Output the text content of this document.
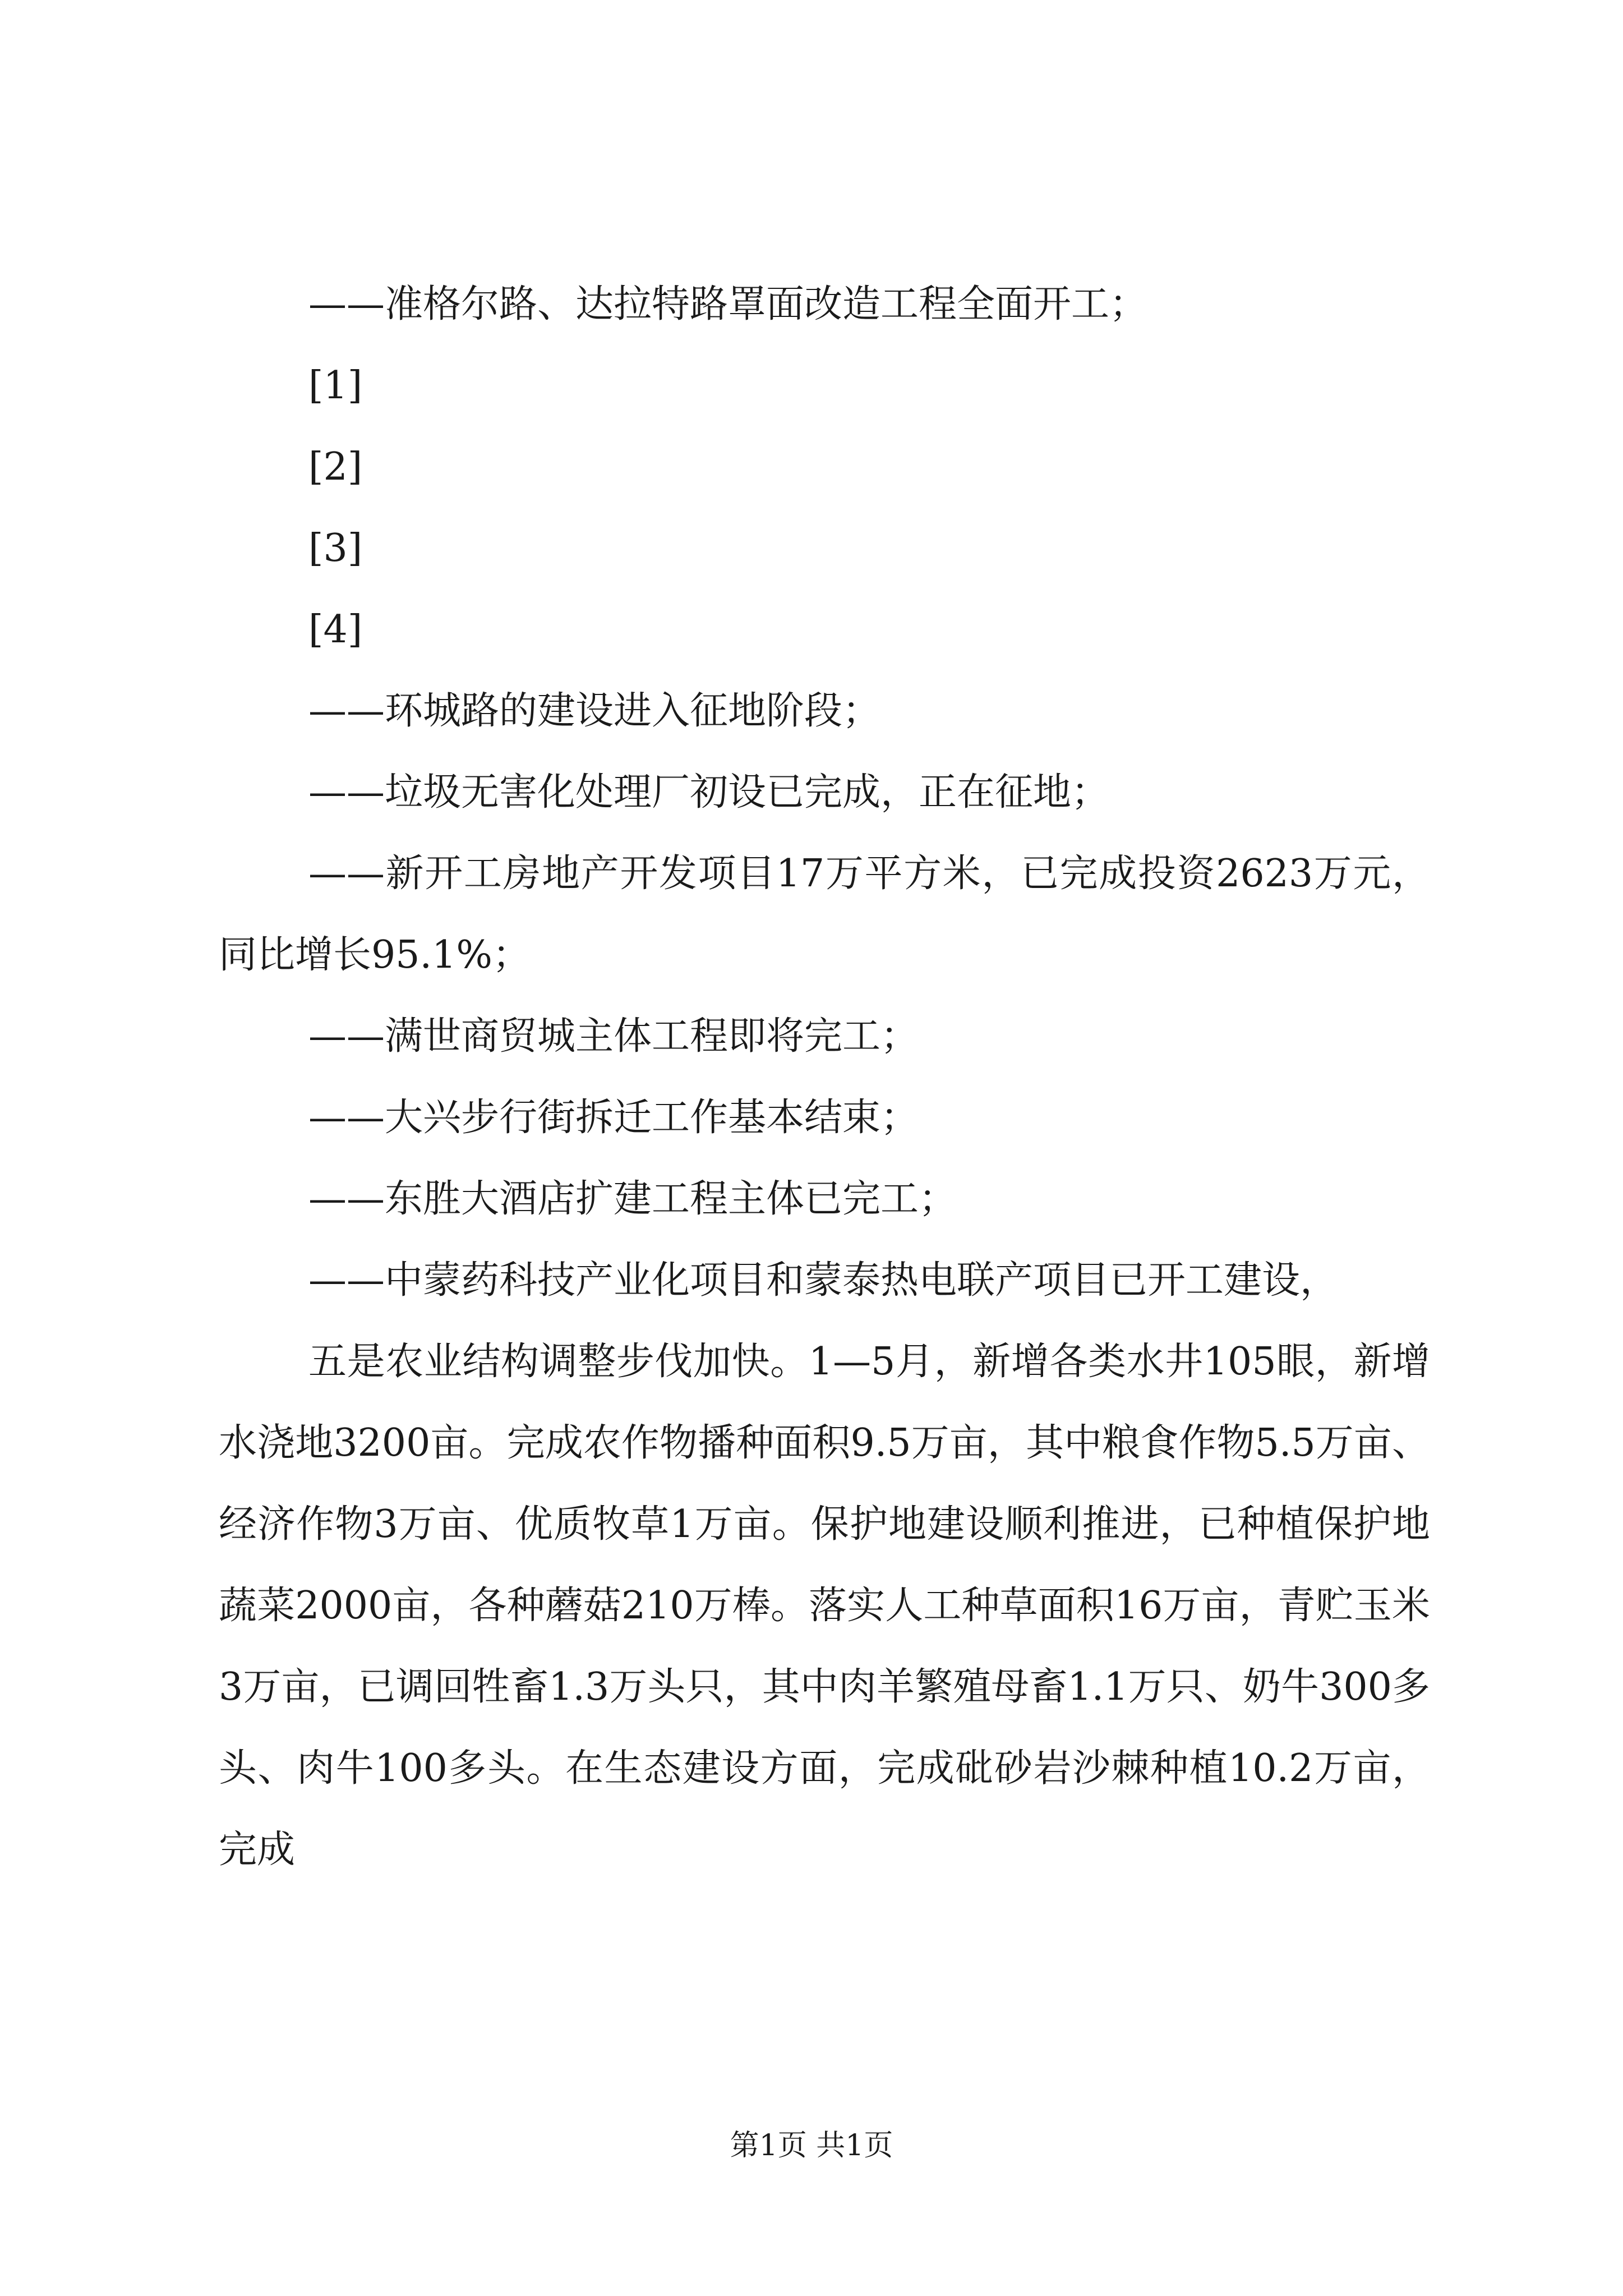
——准格尔路、达拉特路罩面改造工程全面开工；

[1]

[2]

[3]

[4]

——环城路的建设进入征地阶段；

——垃圾无害化处理厂初设已完成，正在征地；

——新开工房地产开发项目17万平方米，已完成投资2623万元，同比增长95.1%；

——满世商贸城主体工程即将完工；

——大兴步行街拆迁工作基本结束；

——东胜大酒店扩建工程主体已完工；

——中蒙药科技产业化项目和蒙泰热电联产项目已开工建设，

五是农业结构调整步伐加快。1—5月，新增各类水井105眼，新增水浇地3200亩。完成农作物播种面积9.5万亩，其中粮食作物5.5万亩、经济作物3万亩、优质牧草1万亩。保护地建设顺利推进，已种植保护地蔬菜2000亩，各种蘑菇210万棒。落实人工种草面积16万亩，青贮玉米3万亩，已调回牲畜1.3万头只，其中肉羊繁殖母畜1.1万只、奶牛300多头、肉牛100多头。在生态建设方面，完成砒砂岩沙棘种植10.2万亩，完成

第1页 共1页
